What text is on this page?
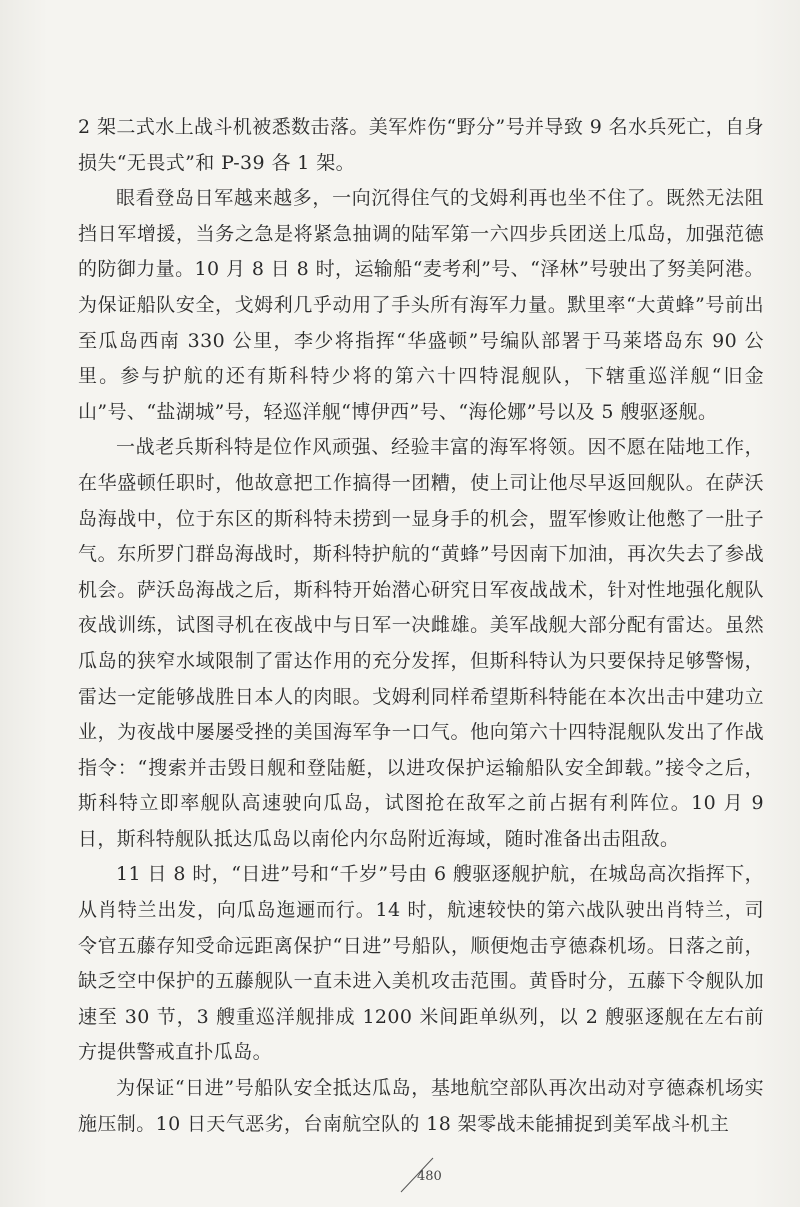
2 架二式水上战斗机被悉数击落。美军炸伤“野分”号并导致 9 名水兵死亡，自身损失“无畏式”和 P-39 各 1 架。

眼看登岛日军越来越多，一向沉得住气的戈姆利再也坐不住了。既然无法阻挡日军增援，当务之急是将紧急抽调的陆军第一六四步兵团送上瓜岛，加强范德的防御力量。10 月 8 日 8 时，运输船“麦考利”号、“泽林”号驶出了努美阿港。为保证船队安全，戈姆利几乎动用了手头所有海军力量。默里率“大黄蜂”号前出至瓜岛西南 330 公里，李少将指挥“华盛顿”号编队部署于马莱塔岛东 90 公里。参与护航的还有斯科特少将的第六十四特混舰队，下辖重巡洋舰“旧金山”号、“盐湖城”号，轻巡洋舰“博伊西”号、“海伦娜”号以及 5 艘驱逐舰。

一战老兵斯科特是位作风顽强、经验丰富的海军将领。因不愿在陆地工作，在华盛顿任职时，他故意把工作搞得一团糟，使上司让他尽早返回舰队。在萨沃岛海战中，位于东区的斯科特未捞到一显身手的机会，盟军惨败让他憋了一肚子气。东所罗门群岛海战时，斯科特护航的“黄蜂”号因南下加油，再次失去了参战机会。萨沃岛海战之后，斯科特开始潜心研究日军夜战战术，针对性地强化舰队夜战训练，试图寻机在夜战中与日军一决雌雄。美军战舰大部分配有雷达。虽然瓜岛的狭窄水域限制了雷达作用的充分发挥，但斯科特认为只要保持足够警惕，雷达一定能够战胜日本人的肉眼。戈姆利同样希望斯科特能在本次出击中建功立业，为夜战中屡屡受挫的美国海军争一口气。他向第六十四特混舰队发出了作战指令：“搜索并击毁日舰和登陆艇，以进攻保护运输船队安全卸载。”接令之后，斯科特立即率舰队高速驶向瓜岛，试图抢在敌军之前占据有利阵位。10 月 9 日，斯科特舰队抵达瓜岛以南伦内尔岛附近海域，随时准备出击阻敌。

11 日 8 时，“日进”号和“千岁”号由 6 艘驱逐舰护航，在城岛高次指挥下，从肖特兰出发，向瓜岛迤逦而行。14 时，航速较快的第六战队驶出肖特兰，司令官五藤存知受命远距离保护“日进”号船队，顺便炮击亨德森机场。日落之前，缺乏空中保护的五藤舰队一直未进入美机攻击范围。黄昏时分，五藤下令舰队加速至 30 节，3 艘重巡洋舰排成 1200 米间距单纵列，以 2 艘驱逐舰在左右前方提供警戒直扑瓜岛。

为保证“日进”号船队安全抵达瓜岛，基地航空部队再次出动对亨德森机场实施压制。10 日天气恶劣，台南航空队的 18 架零战未能捕捉到美军战斗机主

480
